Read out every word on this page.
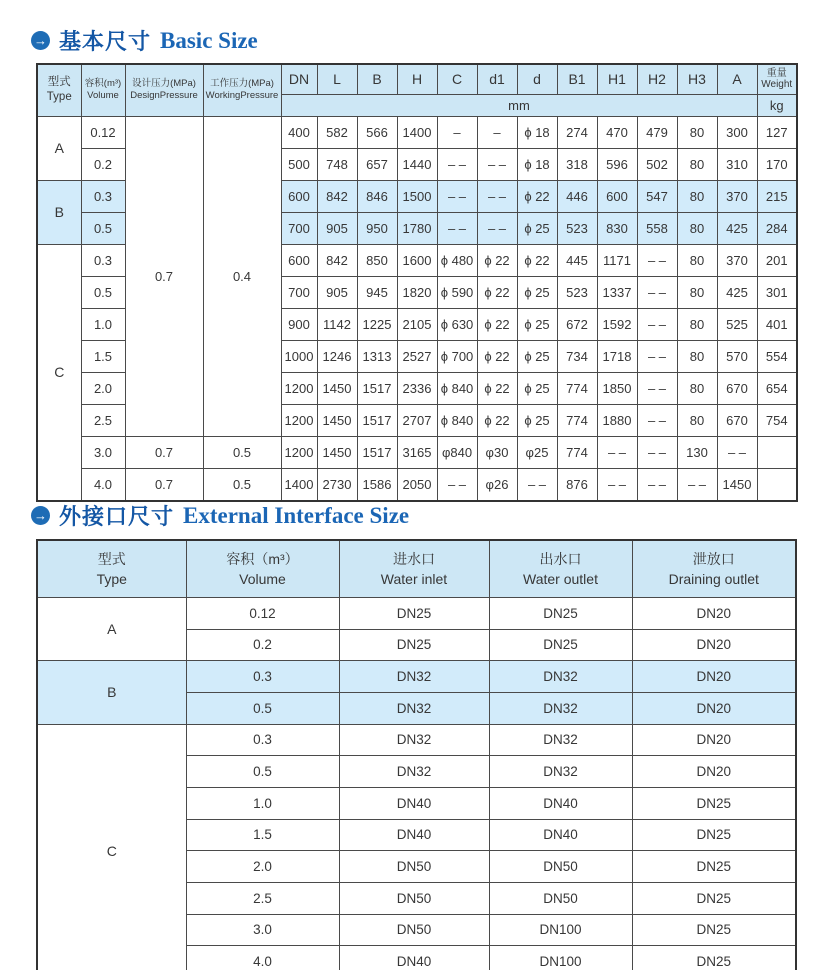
→ 基本尺寸 Basic Size
型式
Type

容积(m³)
Volume

设计压力(MPa)
DesignPressure

工作压力(MPa)
WorkingPressure
	DN	L	B	H	C	d1	d	B1	H1	H2	H3	A	重量
Weight

				mm												kg
A	0.12	0.7	0.4	400	582	566	1400	–	–	ϕ 18	274	470	479	80	300	127
	0.2			500	748	657	1440	– –	– –	ϕ 18	318	596	502	80	310	170
B	0.3			600	842	846	1500	– –	– –	ϕ 22	446	600	547	80	370	215
	0.5			700	905	950	1780	– –	– –	ϕ 25	523	830	558	80	425	284
C	0.3			600	842	850	1600	ϕ 480	ϕ 22	ϕ 22	445	1171	– –	80	370	201
	0.5			700	905	945	1820	ϕ 590	ϕ 22	ϕ 25	523	1337	– –	80	425	301
	1.0			900	1142	1225	2105	ϕ 630	ϕ 22	ϕ 25	672	1592	– –	80	525	401
	1.5			1000	1246	1313	2527	ϕ 700	ϕ 22	ϕ 25	734	1718	– –	80	570	554
	2.0			1200	1450	1517	2336	ϕ 840	ϕ 22	ϕ 25	774	1850	– –	80	670	654
	2.5			1200	1450	1517	2707	ϕ 840	ϕ 22	ϕ 25	774	1880	– –	80	670	754
	3.0	0.7	0.5	1200	1450	1517	3165	φ840	φ30	φ25	774	– –	– –	130	– –	
	4.0	0.7	0.5	1400	2730	1586	2050	– –	φ26	– –	876	– –	– –	– –	1450	
→ 外接口尺寸 External Interface Size
型式
Type

容积（m³）
Volume

进水口
Water inlet

出水口
Water outlet

泄放口
Draining outlet

A	0.12	DN25	DN25	DN20
	0.2	DN25	DN25	DN20
B	0.3	DN32	DN32	DN20
	0.5	DN32	DN32	DN20
C	0.3	DN32	DN32	DN20
	0.5	DN32	DN32	DN20
	1.0	DN40	DN40	DN25
	1.5	DN40	DN40	DN25
	2.0	DN50	DN50	DN25
	2.5	DN50	DN50	DN25
	3.0	DN50	DN100	DN25
	4.0	DN40	DN100	DN25
